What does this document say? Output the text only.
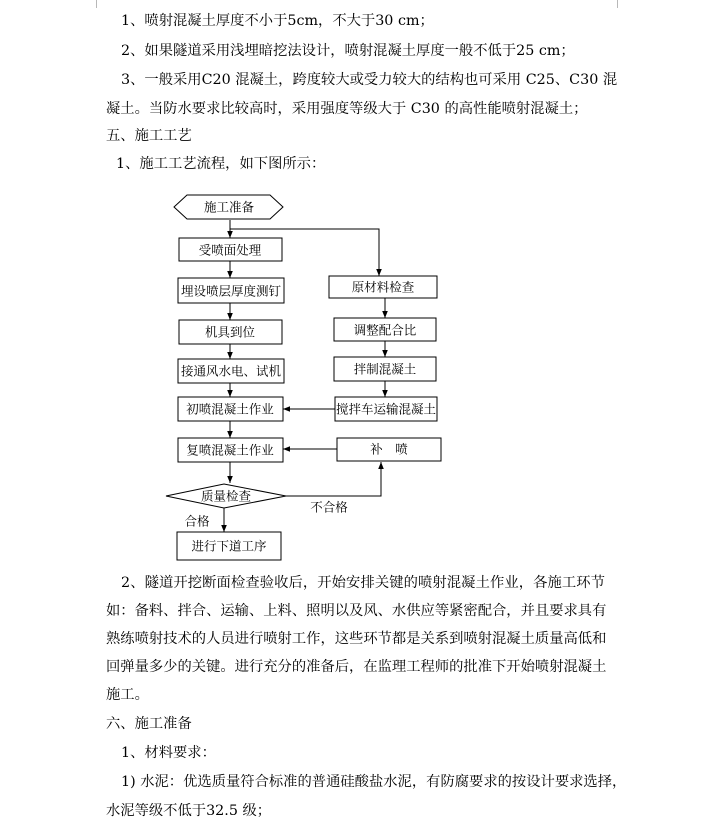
1、喷射混凝土厚度不小于5cm，不大于30 cm；
2、如果隧道采用浅埋暗挖法设计，喷射混凝土厚度一般不低于25 cm；
3、一般采用C20 混凝土，跨度较大或受力较大的结构也可采用 C25、C30 混
凝土。当防水要求比较高时，采用强度等级大于 C30 的高性能喷射混凝土；
五、施工工艺
1、施工工艺流程，如下图所示：
施工准备
受喷面处理
埋设喷层厚度测钉
机具到位
接通风水电、试机
初喷混凝土作业
复喷混凝土作业
原材料检查
调整配合比
拌制混凝土
搅拌车运输混凝土
补　喷
质量检查
不合格
合格
进行下道工序
2、隧道开挖断面检查验收后，开始安排关键的喷射混凝土作业，各施工环节
如：备料、拌合、运输、上料、照明以及风、水供应等紧密配合，并且要求具有
熟练喷射技术的人员进行喷射工作，这些环节都是关系到喷射混凝土质量高低和
回弹量多少的关键。进行充分的准备后，在监理工程师的批准下开始喷射混凝土
施工。
六、施工准备
1、材料要求：
1) 水泥：优选质量符合标准的普通硅酸盐水泥，有防腐要求的按设计要求选择，
水泥等级不低于32.5 级；
